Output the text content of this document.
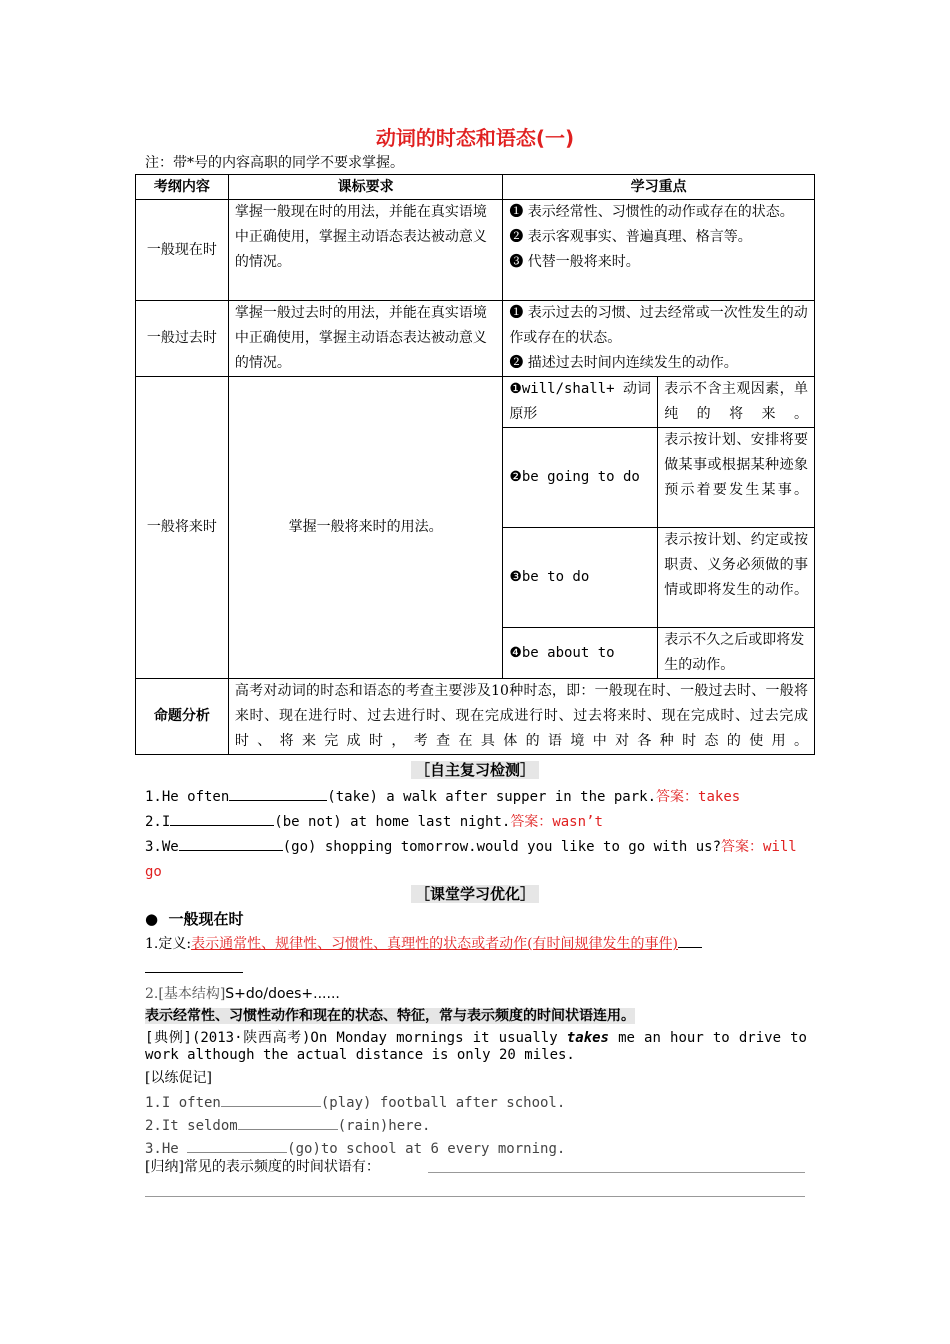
动词的时态和语态(一)
注：带*号的内容高职的同学不要求掌握。
考纲内容	课标要求	学习重点	
一般现在时	掌握一般现在时的用法，并能在真实语境中正确使用，掌握主动语态表达被动意义的情况。	❶ 表示经常性、习惯性的动作或存在的状态。
❷ 表示客观事实、普遍真理、格言等。
❸ 代替一般将来时。	

一般过去时	掌握一般过去时的用法，并能在真实语境中正确使用，掌握主动语态表达被动意义的情况。	❶ 表示过去的习惯、过去经常或一次性发生的动作或存在的状态。
❷ 描述过去时间内连续发生的动作。	

一般将来时	掌握一般将来时的用法。	❶will/shall+ 动词原形	表示不含主观因素，单纯的将来。
		❷be going to do	表示按计划、安排将要做某事或根据某种迹象预示着要发生某事。
		❸be to do	表示按计划、约定或按职责、义务必须做的事情或即将发生的动作。
		❹be about to	表示不久之后或即将发生的动作。
命题分析	高考对动词的时态和语态的考查主要涉及10种时态，即：一般现在时、一般过去时、一般将来时、现在进行时、过去进行时、现在完成进行时、过去将来时、现在完成时、过去完成时、将来完成时，考查在具体的语境中对各种时态的使用。		
［自主复习检测］
1.He often	(take) a walk after supper in the park.答案：takes
2.I	(be not) at home last night.答案：wasn’t
3.We	(go) shopping tomorrow.would you like to go with us?答案：will go
［课堂学习优化］
● 一般现在时
1.定义:表示通常性、规律性、习惯性、真理性的状态或者动作(有时间规律发生的事件)
2.[基本结构]S+do/does+......
表示经常性、习惯性动作和现在的状态、特征，常与表示频度的时间状语连用。
[典例](2013·陕西高考)On Monday mornings it usually takes me an hour to drive to work although the actual distance is only 20 miles.
[以练促记]
1.I often	(play) football after school.
2.It seldom	(rain)here.
3.He	(go)to school at 6 every morning.
[归纳]常见的表示频度的时间状语有：
